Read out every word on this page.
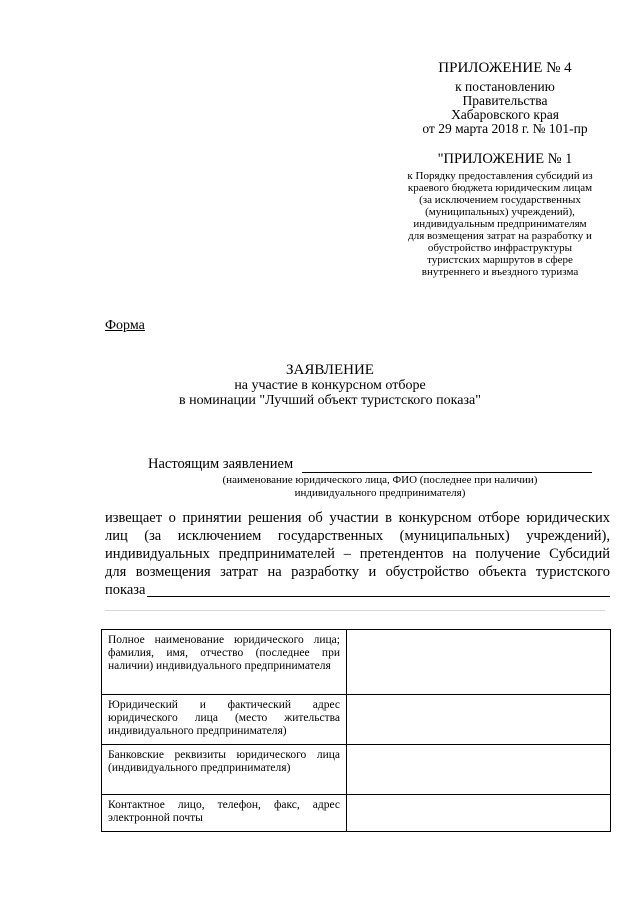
ПРИЛОЖЕНИЕ № 4
к постановлению
Правительства
Хабаровского края
от 29 марта 2018 г. № 101-пр
"ПРИЛОЖЕНИЕ № 1
к Порядку предоставления субсидий из
краевого бюджета юридическим лицам
(за исключением государственных
(муниципальных) учреждений),
индивидуальным предпринимателям
для возмещения затрат на разработку и
обустройство инфраструктуры
туристских маршрутов в сфере
внутреннего и въездного туризма
Форма
ЗАЯВЛЕНИЕ
на участие в конкурсном отборе
в номинации "Лучший объект туристского показа"
Настоящим заявлением
(наименование юридического лица, ФИО (последнее при наличии)
индивидуального предпринимателя)
извещает о принятии решения об участии в конкурсном отборе юридических
лиц (за исключением государственных (муниципальных) учреждений),
индивидуальных предпринимателей – претендентов на получение Субсидий
для возмещения затрат на разработку и обустройство объекта туристского
показа
Полное наименование юридического лица; фамилия, имя, отчество (последнее при наличии) индивидуального предпринимателя	
Юридический и фактический адрес юридического лица (место жительства индивидуального предпринимателя)	
Банковские реквизиты юридического лица (индивидуального предпринимателя)	
Контактное лицо, телефон, факс, адрес электронной почты	
